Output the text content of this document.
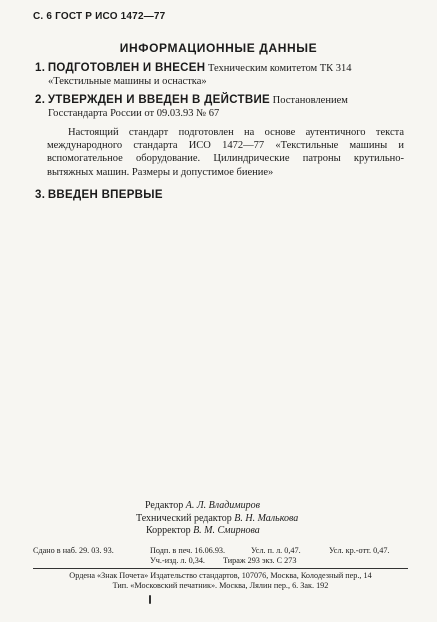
С. 6 ГОСТ Р ИСО 1472—77
ИНФОРМАЦИОННЫЕ ДАННЫЕ
1. ПОДГОТОВЛЕН И ВНЕСЕН Техническим комитетом ТК 314
«Текстильные машины и оснастка»
2. УТВЕРЖДЕН И ВВЕДЕН В ДЕЙСТВИЕ Постановлением
Госстандарта России от 09.03.93 № 67
Настоящий стандарт подготовлен на основе аутентичного текста международного стандарта ИСО 1472—77 «Текстильные машины и вспомогательное оборудование. Цилиндрические патроны крутильно-вытяжных машин. Размеры и допустимое биение»
3. ВВЕДЕН ВПЕРВЫЕ
Редактор А. Л. Владимиров
Технический редактор В. Н. Малькова
Корректор В. М. Смирнова
Сдано в наб. 29. 03. 93.	Подп. в печ. 16.06.93.	Усл. п. л. 0,47.	Усл. кр.-отт. 0,47.
Уч.-изд. л. 0,34. Тираж 293 экз. С 273
Ордена «Знак Почета» Издательство стандартов, 107076, Москва, Колодезный пер., 14
Тип. «Московский печатник». Москва, Лялин пер., 6. Зак. 192
